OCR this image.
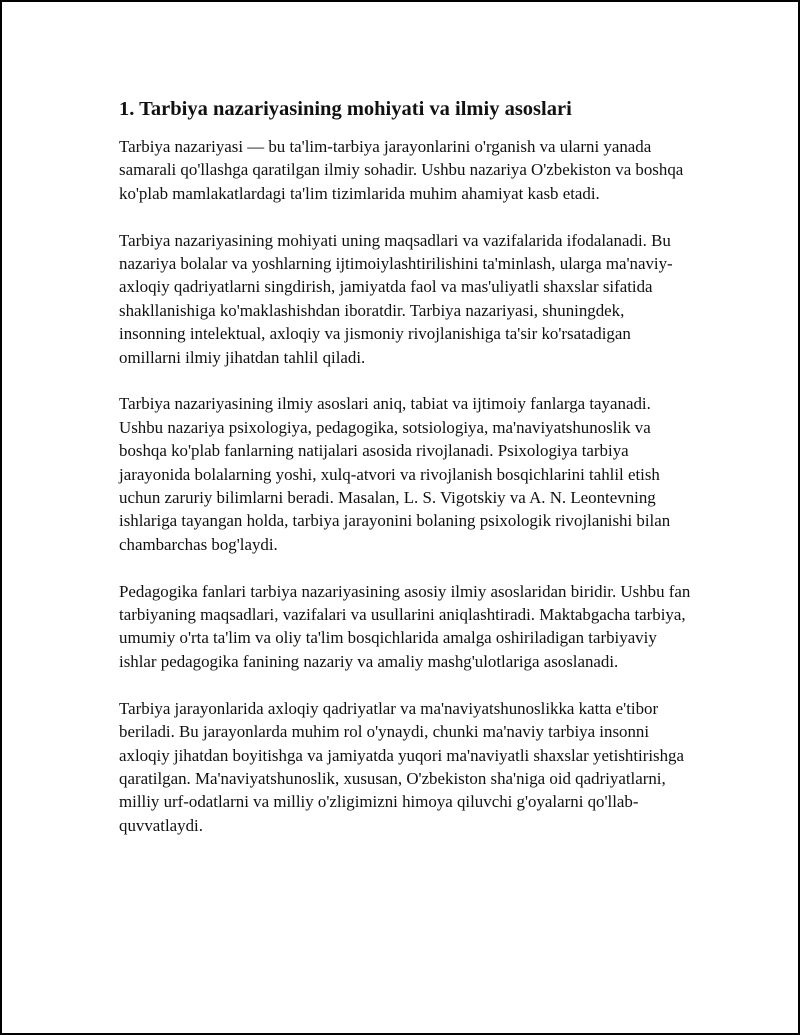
1. Tarbiya nazariyasining mohiyati va ilmiy asoslari

Tarbiya nazariyasi — bu ta'lim-tarbiya jarayonlarini o'rganish va ularni yanada samarali qo'llashga qaratilgan ilmiy sohadir. Ushbu nazariya O'zbekiston va boshqa ko'plab mamlakatlardagi ta'lim tizimlarida muhim ahamiyat kasb etadi.

Tarbiya nazariyasining mohiyati uning maqsadlari va vazifalarida ifodalanadi. Bu nazariya bolalar va yoshlarning ijtimoiylashtirilishini ta'minlash, ularga ma'naviy-axloqiy qadriyatlarni singdirish, jamiyatda faol va mas'uliyatli shaxslar sifatida shakllanishiga ko'maklashishdan iboratdir. Tarbiya nazariyasi, shuningdek, insonning intelektual, axloqiy va jismoniy rivojlanishiga ta'sir ko'rsatadigan omillarni ilmiy jihatdan tahlil qiladi.

Tarbiya nazariyasining ilmiy asoslari aniq, tabiat va ijtimoiy fanlarga tayanadi. Ushbu nazariya psixologiya, pedagogika, sotsiologiya, ma'naviyatshunoslik va boshqa ko'plab fanlarning natijalari asosida rivojlanadi. Psixologiya tarbiya jarayonida bolalarning yoshi, xulq-atvori va rivojlanish bosqichlarini tahlil etish uchun zaruriy bilimlarni beradi. Masalan, L. S. Vigotskiy va A. N. Leontevning ishlariga tayangan holda, tarbiya jarayonini bolaning psixologik rivojlanishi bilan chambarchas bog'laydi.

Pedagogika fanlari tarbiya nazariyasining asosiy ilmiy asoslaridan biridir. Ushbu fan tarbiyaning maqsadlari, vazifalari va usullarini aniqlashtiradi. Maktabgacha tarbiya, umumiy o'rta ta'lim va oliy ta'lim bosqichlarida amalga oshiriladigan tarbiyaviy ishlar pedagogika fanining nazariy va amaliy mashg'ulotlariga asoslanadi.

Tarbiya jarayonlarida axloqiy qadriyatlar va ma'naviyatshunoslikka katta e'tibor beriladi. Bu jarayonlarda muhim rol o'ynaydi, chunki ma'naviy tarbiya insonni axloqiy jihatdan boyitishga va jamiyatda yuqori ma'naviyatli shaxslar yetishtirishga qaratilgan. Ma'naviyatshunoslik, xususan, O'zbekiston sha'niga oid qadriyatlarni, milliy urf-odatlarni va milliy o'zligimizni himoya qiluvchi g'oyalarni qo'llab-quvvatlaydi.
